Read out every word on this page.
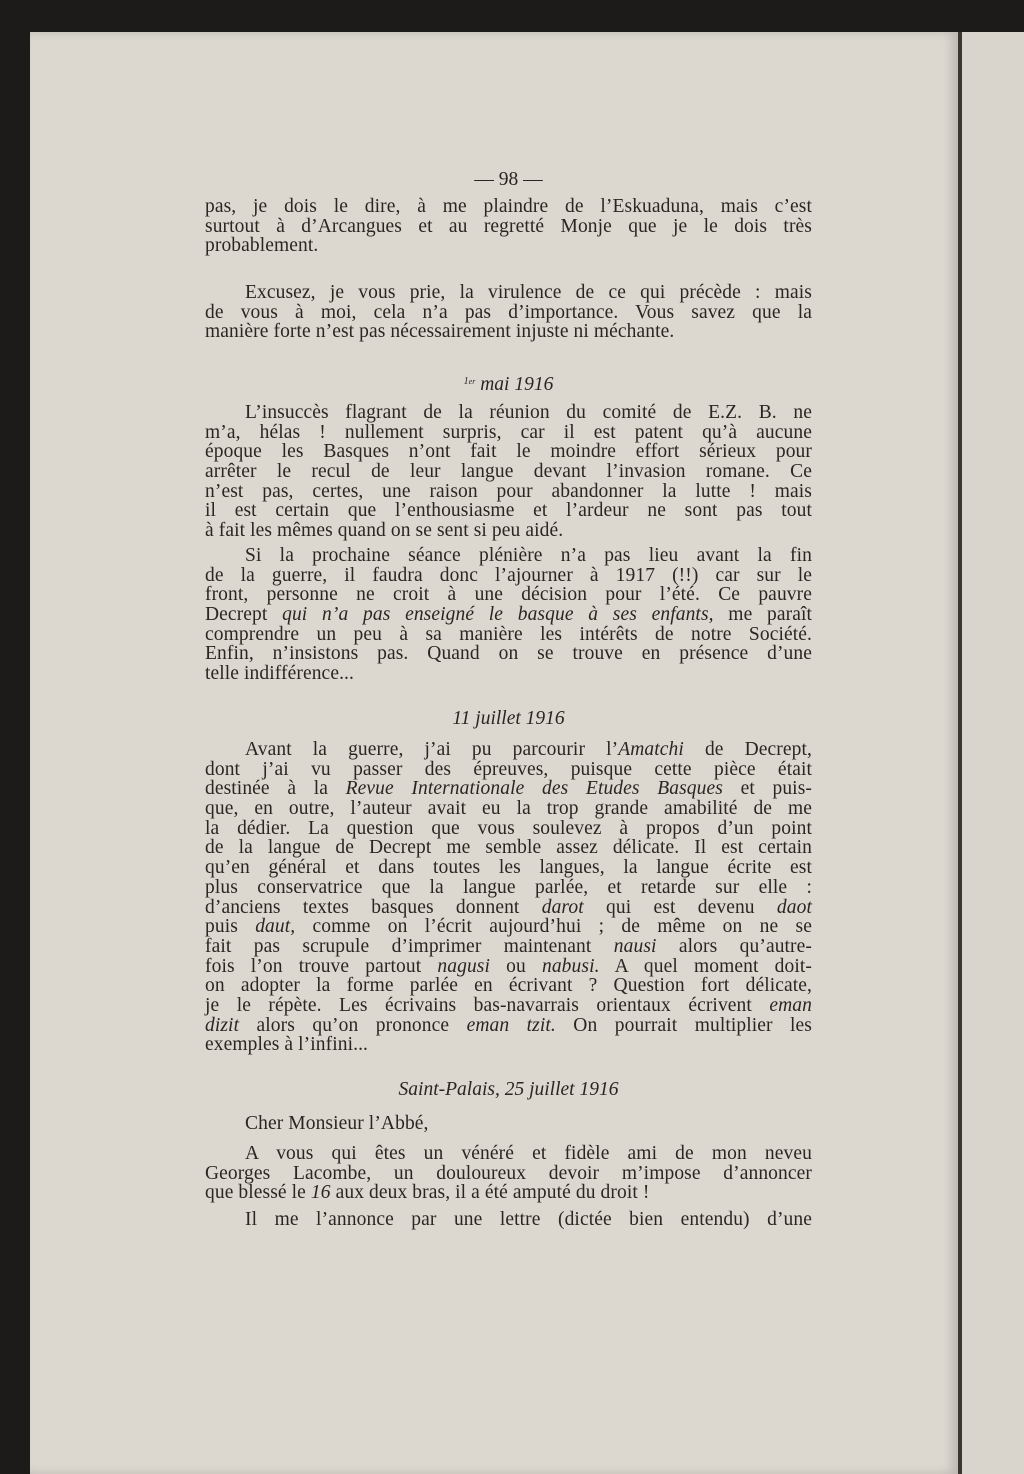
— 98 —
pas, je dois le dire, à me plaindre de l’Eskuaduna, mais c’est
surtout à d’Arcangues et au regretté Monje que je le dois très
probablement.
Excusez, je vous prie, la virulence de ce qui précède : mais
de vous à moi, cela n’a pas d’importance. Vous savez que la
manière forte n’est pas nécessairement injuste ni méchante.
$^{1er}$ mai 1916
L’insuccès flagrant de la réunion du comité de E.Z. B. ne
m’a, hélas ! nullement surpris, car il est patent qu’à aucune
époque les Basques n’ont fait le moindre effort sérieux pour
arrêter le recul de leur langue devant l’invasion romane. Ce
n’est pas, certes, une raison pour abandonner la lutte ! mais
il est certain que l’enthousiasme et l’ardeur ne sont pas tout
à fait les mêmes quand on se sent si peu aidé.
Si la prochaine séance plénière n’a pas lieu avant la fin
de la guerre, il faudra donc l’ajourner à 1917 (!!) car sur le
front, personne ne croit à une décision pour l’été. Ce pauvre
Decrept qui n’a pas enseigné le basque à ses enfants, me paraît
comprendre un peu à sa manière les intérêts de notre Société.
Enfin, n’insistons pas. Quand on se trouve en présence d’une
telle indifférence...
11 juillet 1916
Avant la guerre, j’ai pu parcourir l’Amatchi de Decrept,
dont j’ai vu passer des épreuves, puisque cette pièce était
destinée à la Revue Internationale des Etudes Basques et puis-
que, en outre, l’auteur avait eu la trop grande amabilité de me
la dédier. La question que vous soulevez à propos d’un point
de la langue de Decrept me semble assez délicate. Il est certain
qu’en général et dans toutes les langues, la langue écrite est
plus conservatrice que la langue parlée, et retarde sur elle :
d’anciens textes basques donnent darot qui est devenu daot
puis daut, comme on l’écrit aujourd’hui ; de même on ne se
fait pas scrupule d’imprimer maintenant nausi alors qu’autre-
fois l’on trouve partout nagusi ou nabusi. A quel moment doit-
on adopter la forme parlée en écrivant ? Question fort délicate,
je le répète. Les écrivains bas-navarrais orientaux écrivent eman
dizit alors qu’on prononce eman tzit. On pourrait multiplier les
exemples à l’infini...
Saint-Palais, 25 juillet 1916
Cher Monsieur l’Abbé,
A vous qui êtes un vénéré et fidèle ami de mon neveu
Georges Lacombe, un douloureux devoir m’impose d’annoncer
que blessé le 16 aux deux bras, il a été amputé du droit !
Il me l’annonce par une lettre (dictée bien entendu) d’une
